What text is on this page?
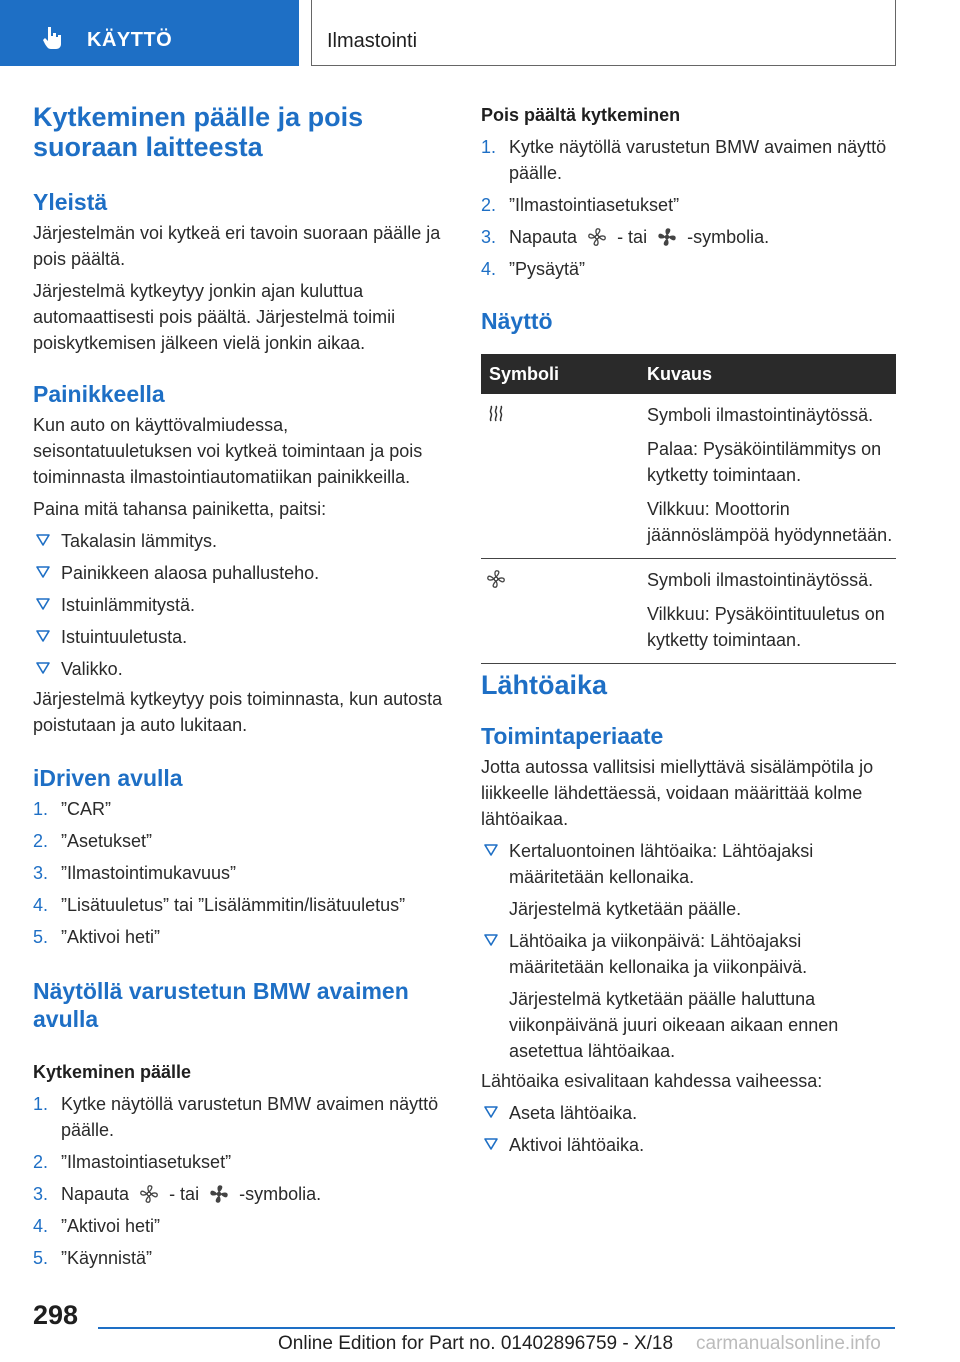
KÄYTTÖ	Ilmastointi
Kytkeminen päälle ja pois suoraan laitteesta
Yleistä

Järjestelmän voi kytkeä eri tavoin suoraan päälle ja pois päältä.

Järjestelmä kytkeytyy jonkin ajan kuluttua automaattisesti pois päältä. Järjestelmä toimii poiskytkemisen jälkeen vielä jonkin aikaa.

Painikkeella

Kun auto on käyttövalmiudessa, seisontatuuletuksen voi kytkeä toimintaan ja pois toiminnasta ilmastointiautomatiikan painikkeilla.

Paina mitä tahansa painiketta, paitsi:

Takalasin lämmitys.
Painikkeen alaosa puhallusteho.
Istuinlämmitystä.
Istuintuuletusta.
Valikko.

Järjestelmä kytkeytyy pois toiminnasta, kun autosta poistutaan ja auto lukitaan.

iDriven avulla
1. ”CAR”
2. ”Asetukset”
3. ”Ilmastointimukavuus”
4. ”Lisätuuletus” tai ”Lisälämmitin/lisätuuletus”
5. ”Aktivoi heti”
Näytöllä varustetun BMW avaimen avulla
Kytkeminen päälle
1. Kytke näytöllä varustetun BMW avaimen näyttö päälle.
2. ”Ilmastointiasetukset”
3. Napauta - tai -symbolia.
4. ”Aktivoi heti”
5. ”Käynnistä”
Pois päältä kytkeminen
1. Kytke näytöllä varustetun BMW avaimen näyttö päälle.
2. ”Ilmastointiasetukset”
3. Napauta - tai -symbolia.
4. ”Pysäytä”
Näyttö
Symboli	Kuvaus

Symboli ilmastointinäytössä.

Palaa: Pysäköintilämmitys on kytketty toimintaan.

Vilkkuu: Moottorin jäännöslämpöä hyödynnetään.

Symboli ilmastointinäytössä.

Vilkkuu: Pysäköintituuletus on kytketty toimintaan.

Lähtöaika
Toimintaperiaate

Jotta autossa vallitsisi miellyttävä sisälämpötila jo liikkeelle lähdettäessä, voidaan määrittää kolme lähtöaikaa.

Kertaluontoinen lähtöaika: Lähtöajaksi määritetään kellonaika.
Järjestelmä kytketään päälle.
Lähtöaika ja viikonpäivä: Lähtöajaksi määritetään kellonaika ja viikonpäivä.
Järjestelmä kytketään päälle haluttuna viikonpäivänä juuri oikeaan aikaan ennen asetettua lähtöaikaa.

Lähtöaika esivalitaan kahdessa vaiheessa:

Aseta lähtöaika.
Aktivoi lähtöaika.
298
Online Edition for Part no. 01402896759 - X/18 carmanualsonline.info
